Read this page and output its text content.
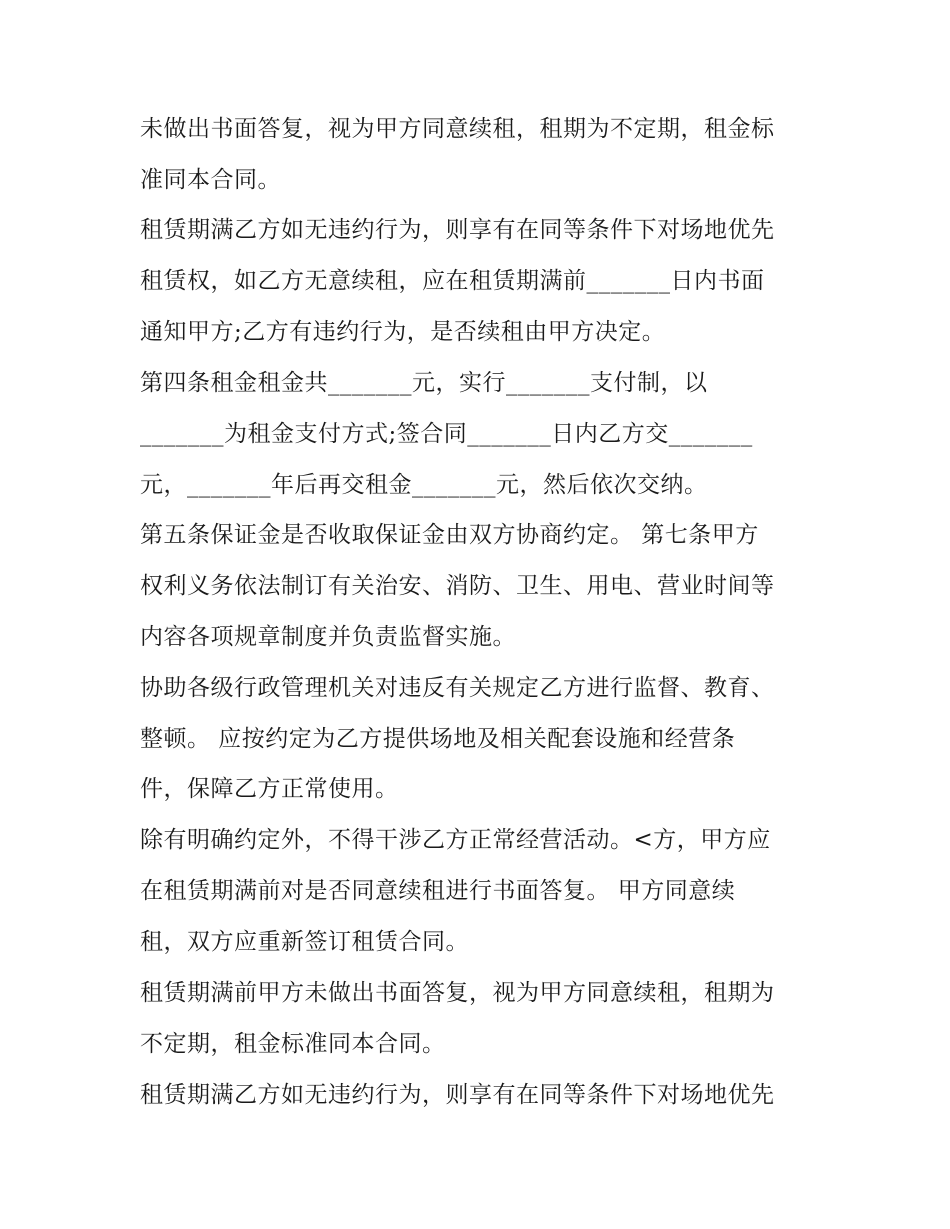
未做出书面答复，视为甲方同意续租，租期为不定期，租金标

准同本合同。

租赁期满乙方如无违约行为，则享有在同等条件下对场地优先

租赁权，如乙方无意续租，应在租赁期满前_______日内书面

通知甲方;乙方有违约行为，是否续租由甲方决定。

第四条租金租金共_______元，实行_______支付制，以

_______为租金支付方式;签合同_______日内乙方交_______

元，_______年后再交租金_______元，然后依次交纳。

第五条保证金是否收取保证金由双方协商约定。 第七条甲方

权利义务依法制订有关治安、消防、卫生、用电、营业时间等

内容各项规章制度并负责监督实施。

协助各级行政管理机关对违反有关规定乙方进行监督、教育、

整顿。 应按约定为乙方提供场地及相关配套设施和经营条

件，保障乙方正常使用。

除有明确约定外，不得干涉乙方正常经营活动。<方，甲方应

在租赁期满前对是否同意续租进行书面答复。 甲方同意续

租，双方应重新签订租赁合同。

租赁期满前甲方未做出书面答复，视为甲方同意续租，租期为

不定期，租金标准同本合同。

租赁期满乙方如无违约行为，则享有在同等条件下对场地优先
